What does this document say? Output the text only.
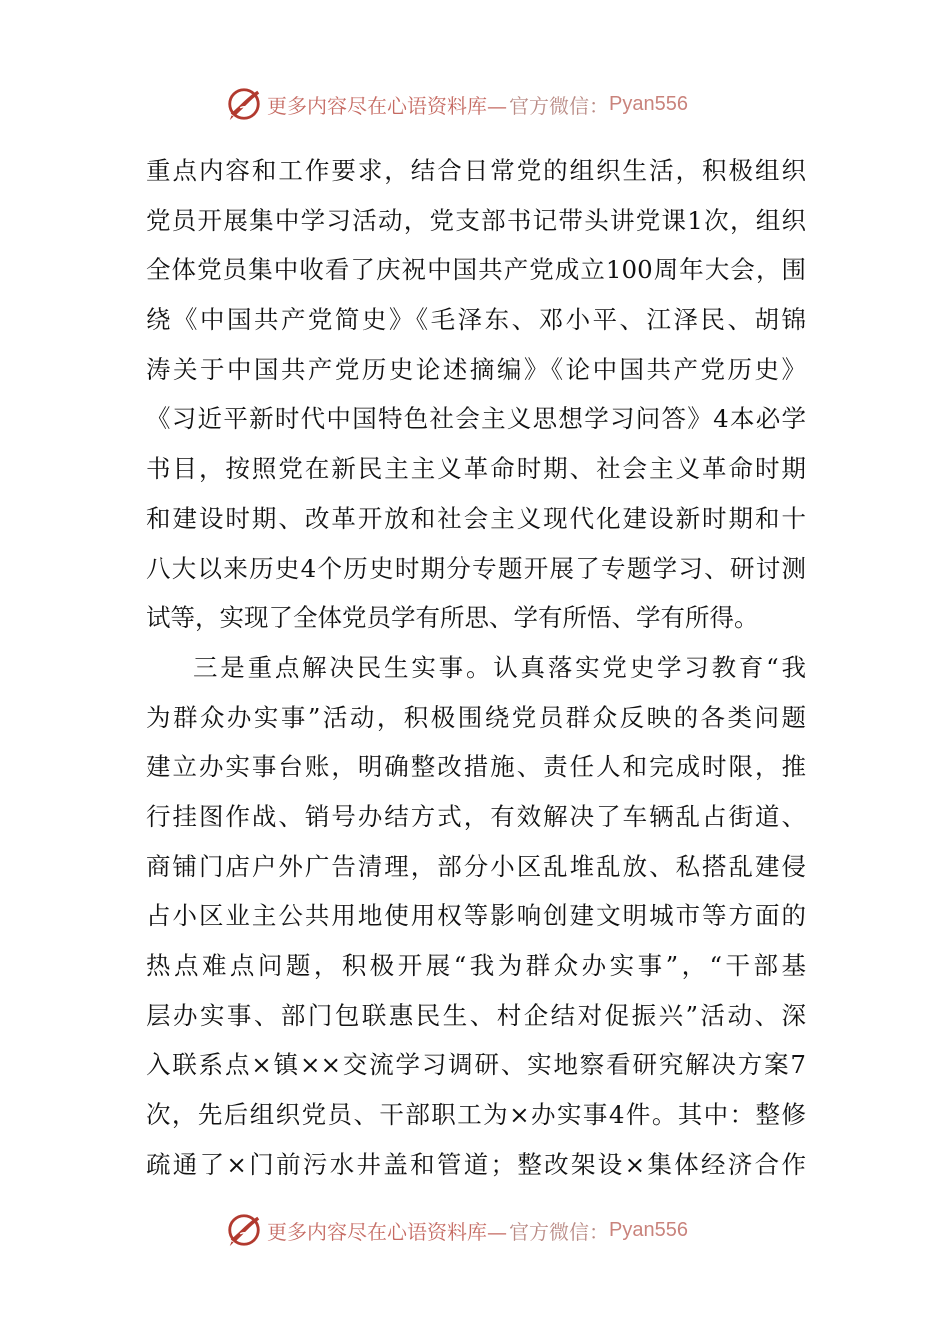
更多内容尽在心语资料库— 官方微信： Pyan556
重点内容和工作要求，结合日常党的组织生活，积极组织
党员开展集中学习活动，党支部书记带头讲党课1次，组织
全体党员集中收看了庆祝中国共产党成立100周年大会，围
绕《中国共产党简史》《毛泽东、邓小平、江泽民、胡锦
涛关于中国共产党历史论述摘编》《论中国共产党历史》
《习近平新时代中国特色社会主义思想学习问答》4本必学
书目，按照党在新民主主义革命时期、社会主义革命时期
和建设时期、改革开放和社会主义现代化建设新时期和十
八大以来历史4个历史时期分专题开展了专题学习、研讨测
试等，实现了全体党员学有所思、学有所悟、学有所得。
三是重点解决民生实事。认真落实党史学习教育“我
为群众办实事”活动，积极围绕党员群众反映的各类问题
建立办实事台账，明确整改措施、责任人和完成时限，推
行挂图作战、销号办结方式，有效解决了车辆乱占街道、
商铺门店户外广告清理，部分小区乱堆乱放、私搭乱建侵
占小区业主公共用地使用权等影响创建文明城市等方面的
热点难点问题，积极开展“我为群众办实事”，“干部基
层办实事、部门包联惠民生、村企结对促振兴”活动、深
入联系点×镇××交流学习调研、实地察看研究解决方案7
次，先后组织党员、干部职工为×办实事4件。其中：整修
疏通了×门前污水井盖和管道；整改架设×集体经济合作
更多内容尽在心语资料库— 官方微信： Pyan556
